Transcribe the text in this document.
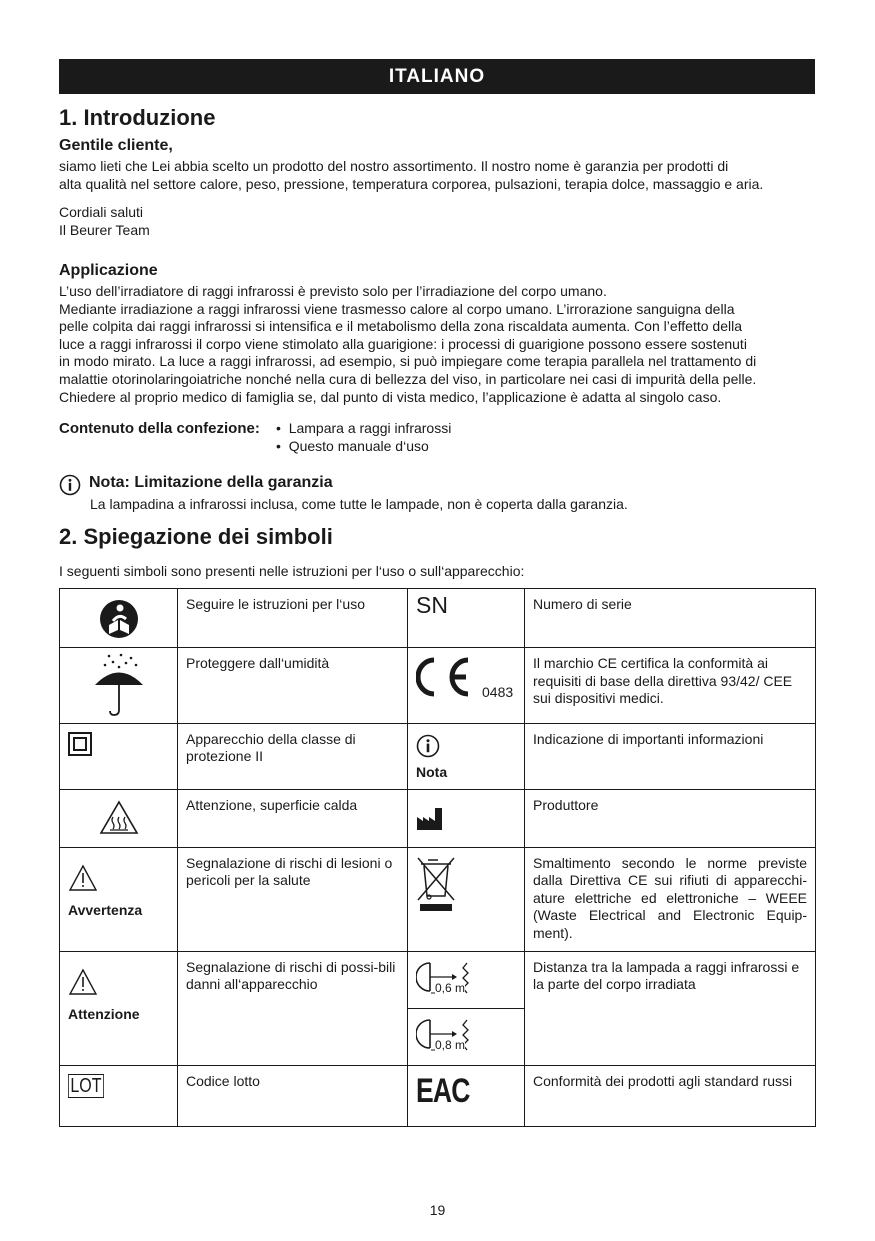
ITALIANO
1. Introduzione
Gentile cliente,
siamo lieti che Lei abbia scelto un prodotto del nostro assortimento. Il nostro nome è garanzia per prodotti di
alta qualità nel settore calore, peso, pressione, temperatura corporea, pulsazioni, terapia dolce, massaggio e aria.
Cordiali saluti
Il Beurer Team
Applicazione
L’uso dell’irradiatore di raggi infrarossi è previsto solo per l’irradiazione del corpo umano.
Mediante irradiazione a raggi infrarossi viene trasmesso calore al corpo umano. L’irrorazione sanguigna della
pelle colpita dai raggi infrarossi si intensifica e il metabolismo della zona riscaldata aumenta. Con l’effetto della
luce a raggi infrarossi il corpo viene stimolato alla guarigione: i processi di guarigione possono essere sostenuti
in modo mirato. La luce a raggi infrarossi, ad esempio, si può impiegare come terapia parallela nel trattamento di
malattie otorinolaringoiatriche nonché nella cura di bellezza del viso, in particolare nei casi di impurità della pelle.
Chiedere al proprio medico di famiglia se, dal punto di vista medico, l’applicazione è adatta al singolo caso.
Contenuto della confezione: •  Lampara a raggi infrarossi
•  Questo manuale d‘uso
Nota: Limitazione della garanzia
La lampadina a infrarossi inclusa, come tutte le lampade, non è coperta dalla garanzia.
2. Spiegazione dei simboli
I seguenti simboli sono presenti nelle istruzioni per l‘uso o sull‘apparecchio:
	Seguire le istruzioni per l‘uso	SN	Numero di serie
	Proteggere dall‘umidità	0483	Il marchio CE certifica la conformità ai requisiti di base della direttiva 93/42/ CEE sui dispositivi medici.
	Apparecchio della classe di protezione II	Nota	Indicazione di importanti informazioni
	Attenzione, superficie calda		Produttore

Avvertenza	Segnalazione di rischi di lesioni o pericoli per la salute		Smaltimento secondo le norme previste dalla Direttiva CE sui rifiuti di apparecchi-ature elettriche ed elettroniche – WEEE (Waste Electrical and Electronic Equip-ment).

Attenzione	Segnalazione di rischi di possi-bili danni all‘apparecchio	0,6 m	Distanza tra la lampada a raggi infrarossi e la parte del corpo irradiata

		0,8 m	

LOT	Codice lotto	EAC	Conformità dei prodotti agli standard russi
19
